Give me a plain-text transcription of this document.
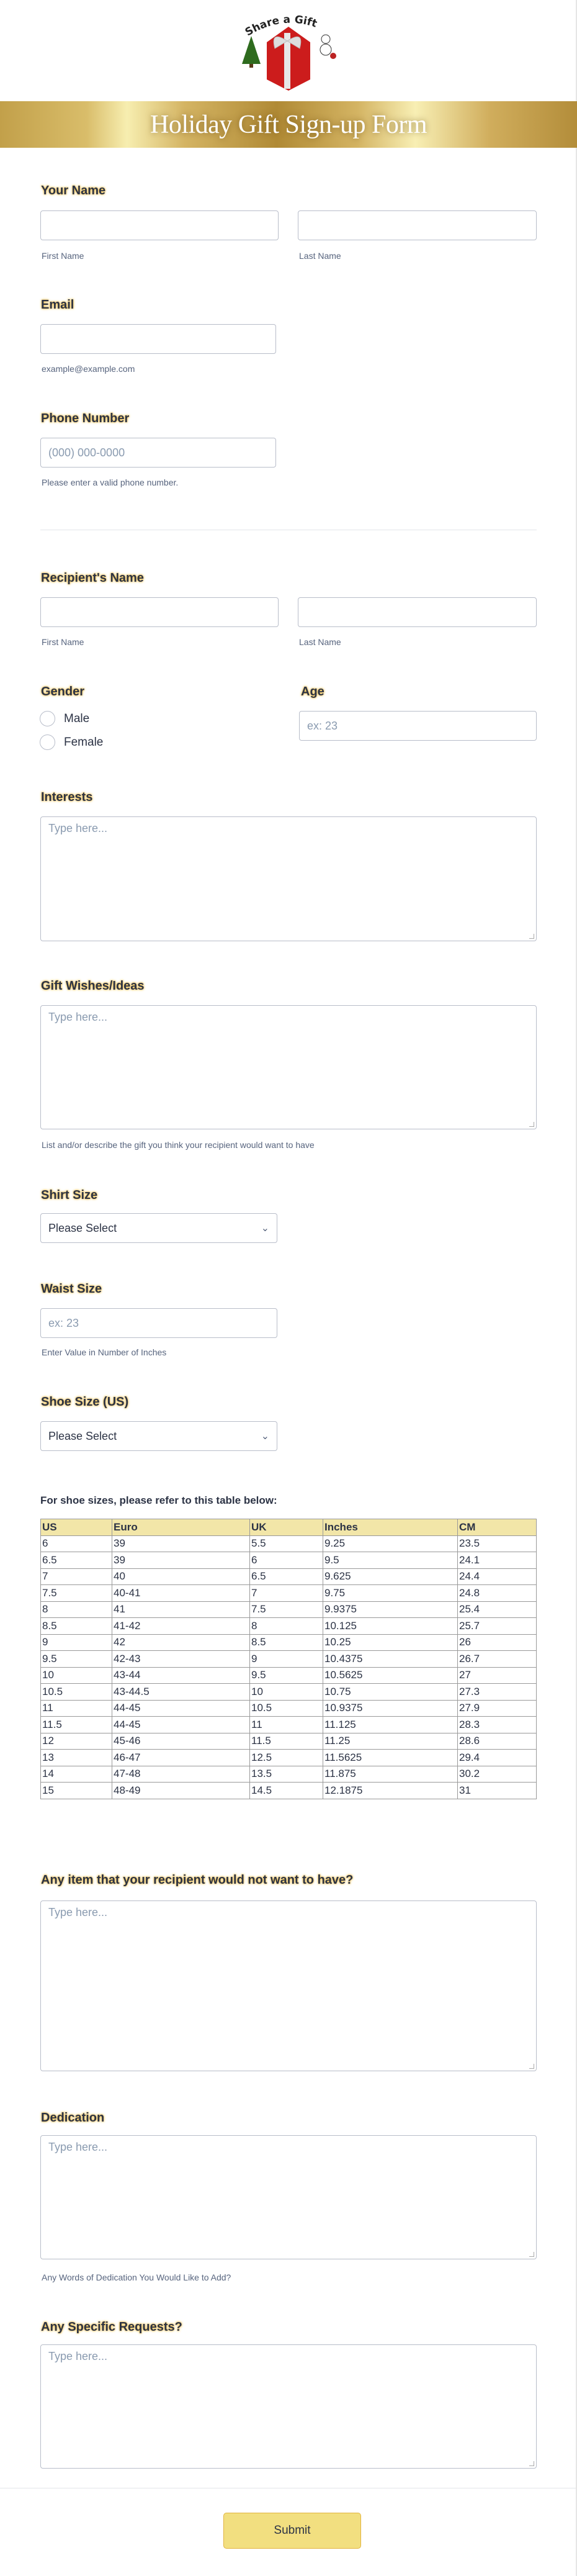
Share a Gift
Holiday Gift Sign-up Form
Your Name
First Name	Last Name
Email
example@example.com
Phone Number
(000) 000-0000
Please enter a valid phone number.
Recipient's Name
First Name	Last Name
Gender
Male
Female
Age
ex: 23
Interests
Type here...
Gift Wishes/Ideas
Type here...
List and/or describe the gift you think your recipient would want to have
Shirt Size
Please Select	⌄
Waist Size
ex: 23
Enter Value in Number of Inches
Shoe Size (US)
Please Select	⌄
For shoe sizes, please refer to this table below:
US	Euro	UK	Inches	CM
6	39	5.5	9.25	23.5
6.5	39	6	9.5	24.1
7	40	6.5	9.625	24.4
7.5	40-41	7	9.75	24.8
8	41	7.5	9.9375	25.4
8.5	41-42	8	10.125	25.7
9	42	8.5	10.25	26
9.5	42-43	9	10.4375	26.7
10	43-44	9.5	10.5625	27
10.5	43-44.5	10	10.75	27.3
11	44-45	10.5	10.9375	27.9
11.5	44-45	11	11.125	28.3
12	45-46	11.5	11.25	28.6
13	46-47	12.5	11.5625	29.4
14	47-48	13.5	11.875	30.2
15	48-49	14.5	12.1875	31
Any item that your recipient would not want to have?
Type here...
Dedication
Type here...
Any Words of Dedication You Would Like to Add?
Any Specific Requests?
Type here...
Submit
